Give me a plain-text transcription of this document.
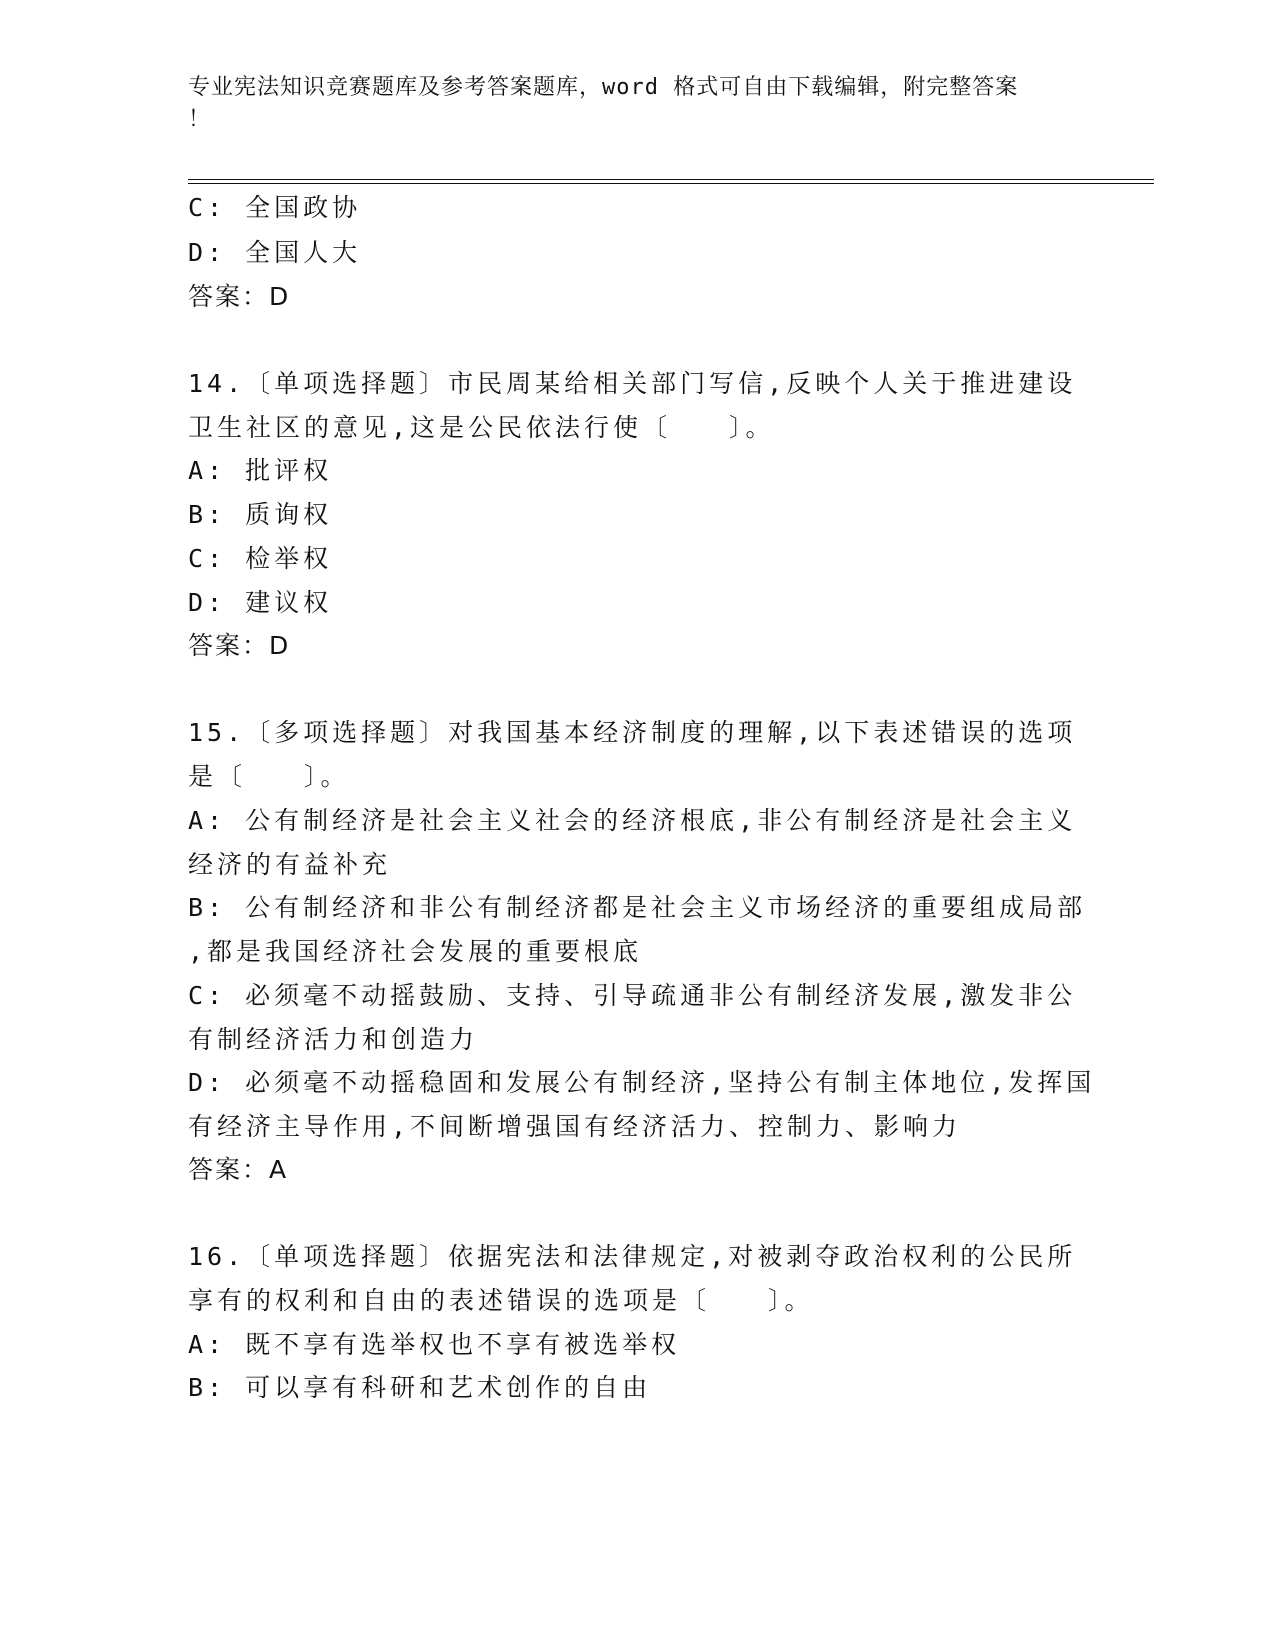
专业宪法知识竞赛题库及参考答案题库，word 格式可自由下载编辑，附完整答案
！
C: 全国政协
D: 全国人大
答案：D
14.〔单项选择题〕市民周某给相关部门写信,反映个人关于推进建设
卫生社区的意见,这是公民依法行使〔　　〕。
A: 批评权
B: 质询权
C: 检举权
D: 建议权
答案：D
15.〔多项选择题〕对我国基本经济制度的理解,以下表述错误的选项
是〔　　〕。
A: 公有制经济是社会主义社会的经济根底,非公有制经济是社会主义
经济的有益补充
B: 公有制经济和非公有制经济都是社会主义市场经济的重要组成局部
,都是我国经济社会发展的重要根底
C: 必须毫不动摇鼓励、支持、引导疏通非公有制经济发展,激发非公
有制经济活力和创造力
D: 必须毫不动摇稳固和发展公有制经济,坚持公有制主体地位,发挥国
有经济主导作用,不间断增强国有经济活力、控制力、影响力
答案：A
16.〔单项选择题〕依据宪法和法律规定,对被剥夺政治权利的公民所
享有的权利和自由的表述错误的选项是〔　　〕。
A: 既不享有选举权也不享有被选举权
B: 可以享有科研和艺术创作的自由
